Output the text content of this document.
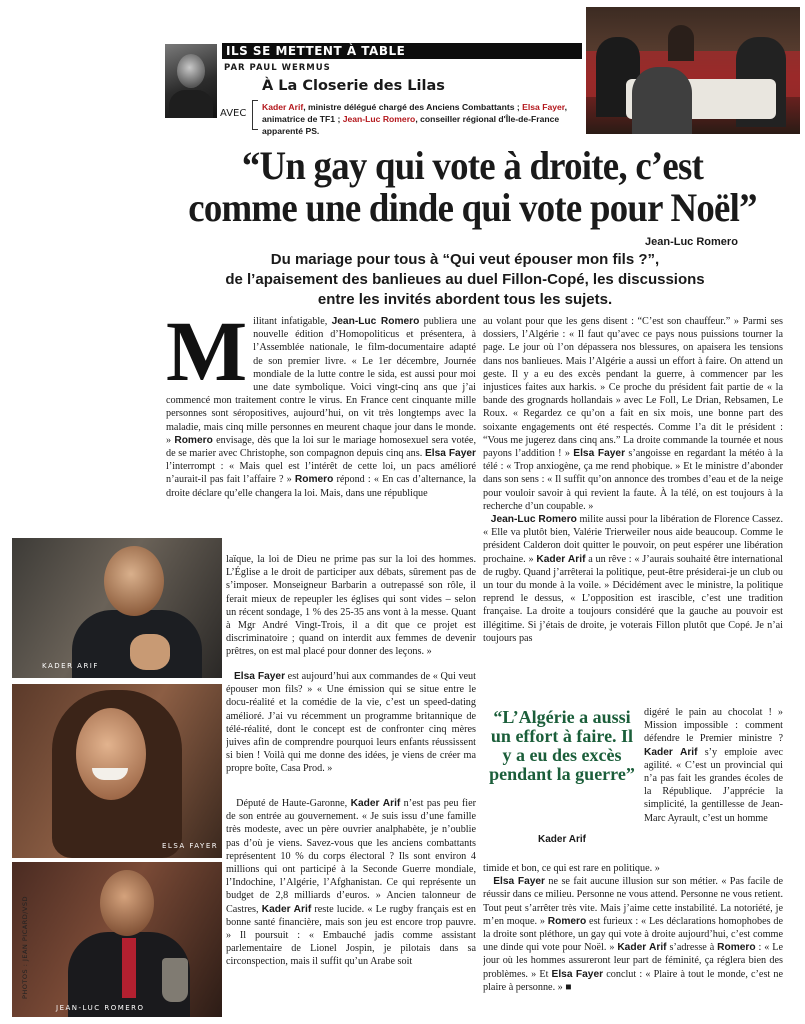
ILS SE METTENT À TABLE
PAR PAUL WERMUS
À La Closerie des Lilas
AVEC
Kader Arif, ministre délégué chargé des Anciens Combattants ; Elsa Fayer, animatrice de TF1 ; Jean-Luc Romero, conseiller régional d'Île-de-France apparenté PS.
“Un gay qui vote à droite, c’est
comme une dinde qui vote pour Noël”
Jean-Luc Romero
Du mariage pour tous à “Qui veut épouser mon fils ?”,
de l’apaisement des banlieues au duel Fillon-Copé, les discussions
entre les invités abordent tous les sujets.
Militant infatigable, Jean-Luc Romero publiera une nouvelle édition d’Homopoliticus et présentera, à l’Assemblée nationale, le film-documentaire adapté de son premier livre. « Le 1er décembre, Journée mondiale de la lutte contre le sida, est aussi pour moi une date symbolique. Voici vingt-cinq ans que j’ai commencé mon traitement contre le virus. En France cent cinquante mille personnes sont séropositives, aujourd’hui, on vit très longtemps avec la maladie, mais cinq mille personnes en meurent chaque jour dans le monde. » Romero envisage, dès que la loi sur le mariage homosexuel sera votée, de se marier avec Christophe, son compagnon depuis cinq ans. Elsa Fayer l’interrompt : « Mais quel est l’intérêt de cette loi, un pacs amélioré n’aurait-il pas fait l’affaire ? » Romero répond : « En cas d’alternance, la droite déclare qu’elle changera la loi. Mais, dans une république
laïque, la loi de Dieu ne prime pas sur la loi des hommes. L’Église a le droit de participer aux débats, sûrement pas de s’imposer. Monseigneur Barbarin a outrepassé son rôle, il ferait mieux de repeupler les églises qui sont vides – selon un récent sondage, 1 % des 25-35 ans vont à la messe. Quant à Mgr André Vingt-Trois, il a dit que ce projet est discriminatoire ; quand on interdit aux femmes de devenir prêtres, on est mal placé pour donner des leçons. »
Elsa Fayer est aujourd’hui aux commandes de « Qui veut épouser mon fils? » « Une émission qui se situe entre le docu-réalité et la comédie de la vie, c’est un speed-dating amélioré. J’ai vu récemment un programme britannique de télé-réalité, dont le concept est de confronter cinq mères juives afin de comprendre pourquoi leurs enfants réussissent si bien ! Voilà qui me donne des idées, je viens de créer ma propre boîte, Casa Prod. »
Député de Haute-Garonne, Kader Arif n’est pas peu fier de son entrée au gouvernement. « Je suis issu d’une famille très modeste, avec un père ouvrier analphabète, je n’oublie pas d’où je viens. Savez-vous que les anciens combattants représentent 10 % du corps électoral ? Ils sont environ 4 millions qui ont participé à la Seconde Guerre mondiale, l’Indochine, l’Algérie, l’Afghanistan. Ce qui représente un budget de 2,8 milliards d’euros. » Ancien talonneur de Castres, Kader Arif reste lucide. « Le rugby français est en bonne santé financière, mais son jeu est encore trop pauvre. » Il poursuit : « Embauché jadis comme assistant parlementaire de Lionel Jospin, je pilotais dans sa circonspection, mais il suffit qu’un Arabe soit
KADER ARIF
ELSA FAYER
JEAN-LUC ROMERO
PHOTOS : JEAN PICARD/VSD
au volant pour que les gens disent : “C’est son chauffeur.” » Parmi ses dossiers, l’Algérie : « Il faut qu’avec ce pays nous puissions tourner la page. Le jour où l’on dépassera nos blessures, on apaisera les tensions dans nos banlieues. Mais l’Algérie a aussi un effort à faire. On attend un geste. Il y a eu des excès pendant la guerre, à commencer par les injustices faites aux harkis. » Ce proche du président fait partie de « la bande des grognards hollandais » avec Le Foll, Le Drian, Rebsamen, Le Roux. « Regardez ce qu’on a fait en six mois, une bonne part des soixante engagements ont été respectés. Comme l’a dit le président : “Vous me jugerez dans cinq ans.” La droite commande la tournée et nous payons l’addition ! » Elsa Fayer s’angoisse en regardant la météo à la télé : « Trop anxiogène, ça me rend phobique. » Et le ministre d’abonder dans son sens : « Il suffit qu’on annonce des trombes d’eau et de la neige pour vouloir savoir à qui revient la faute. À la télé, on est toujours à la recherche d’un coupable. »
Jean-Luc Romero milite aussi pour la libération de Florence Cassez. « Elle va plutôt bien, Valérie Trierweiler nous aide beaucoup. Comme le président Calderon doit quitter le pouvoir, on peut espérer une libération prochaine. » Kader Arif a un rêve : « J’aurais souhaité être international de rugby. Quand j’arrêterai la politique, peut-être présiderai-je un club ou un tour du monde à la voile. » Décidément avec le ministre, la politique reprend le dessus, « L’opposition est irascible, c’est une tradition française. La droite a toujours considéré que la gauche au pouvoir est illégitime. Si j’étais de droite, je voterais Fillon plutôt que Copé. Je n’ai toujours pas
“L’Algérie a aussi un effort à faire. Il y a eu des excès pendant la guerre”
Kader Arif
digéré le pain au chocolat ! » Mission impossible : comment défendre le Premier ministre ? Kader Arif s’y emploie avec agilité. « C’est un provincial qui n’a pas fait les grandes écoles de la République. J’apprécie la simplicité, la gentillesse de Jean-Marc Ayrault, c’est un homme
timide et bon, ce qui est rare en politique. »
Elsa Fayer ne se fait aucune illusion sur son métier. « Pas facile de réussir dans ce milieu. Personne ne vous attend. Personne ne vous retient. Tout peut s’arrêter très vite. Mais j’aime cette instabilité. La notoriété, je m’en moque. » Romero est furieux : « Les déclarations homophobes de la droite sont pléthore, un gay qui vote à droite aujourd’hui, c’est comme une dinde qui vote pour Noël. » Kader Arif s’adresse à Romero : « Le jour où les hommes assureront leur part de féminité, ça réglera bien des problèmes. » Et Elsa Fayer conclut : « Plaire à tout le monde, c’est ne plaire à personne. » ■
